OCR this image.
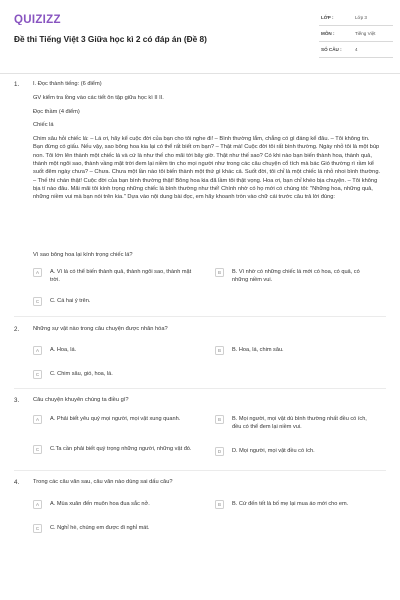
QUIZIZZ
Đề thi Tiếng Việt 3 Giữa học kì 2 có đáp án (Đề 8)
LỚP :	Lớp 3
MÔN :	Tiếng Việt
SỐ CÂU :	4
1. I. Đọc thành tiếng: (6 điểm)

GV kiểm tra lồng vào các tiết ôn tập giữa học kì II II.

Đọc thầm (4 điểm)

Chiếc lá

Chim sâu hỏi chiếc lá: – Lá ơi, hãy kể cuộc đời của bạn cho tôi nghe đi! – Bình thường lắm, chẳng có gì đáng kể đâu. – Tôi không tin. Bạn đừng có giấu. Nếu vậy, sao bông hoa kia lại có thể rất biết ơn bạn? – Thật mà! Cuộc đời tôi rất bình thường. Ngày nhỏ tôi là một búp non. Tôi lớn lên thành một chiếc lá và cứ là như thế cho mãi tới bây giờ. Thật như thế sao? Có khi nào bạn biến thành hoa, thành quả, thành một ngôi sao, thành vầng mặt trời đem lại niềm tin cho mọi người như trong các câu chuyện cổ tích mà bác Gió thường rì rầm kể suốt đêm ngày chưa? – Chưa. Chưa một lần nào tôi biến thành một thứ gì khác cả. Suốt đời, tôi chỉ là một chiếc lá nhỏ nhoi bình thường. – Thế thì chán thật! Cuộc đời của bạn bình thường thật! Bông hoa kia đã lầm tôi thật vọng. Hoa ơi, bạn chỉ khéo bịa chuyện. – Tôi không bịa tí nào đâu. Mãi mãi tôi kính trọng những chiếc lá bình thường như thế! Chính nhờ có họ mới có chúng tôi: "Những hoa, những quả, những niềm vui mà bạn nói trên kia." Dựa vào nội dung bài đọc, em hãy khoanh tròn vào chữ cái trước câu trả lời đúng:

Vì sao bông hoa lại kính trọng chiếc lá?
A	A. Vì lá có thể biến thành quả, thành ngôi sao, thành mặt trời.
B	B. Vì nhờ có những chiếc lá mới có hoa, có quả, có những niềm vui.
C	C. Cá hai ý trên.
2. Những sự vật nào trong câu chuyện được nhân hóa?
A	A. Hoa, lá.	B	B. Hoa, lá, chim sâu.
C	C. Chim sâu, gió, hoa, lá.
3. Câu chuyện khuyên chúng ta điều gì?
A	A. Phải biết yêu quý mọi người, mọi vật xung quanh.	B	B. Mọi người, mọi vật dù bình thường nhất đều có ích, đều có thể đem lại niềm vui.
C	C.Ta cần phải biết quý trọng những người, những vật đó.	D	D. Mọi người, mọi vật đều có ích.
4. Trong các câu văn sau, câu văn nào dùng sai dấu câu?
A	A. Mùa xuân đến muôn hoa đua sắc nở.	B	B. Cứ đến tết là bố mẹ lại mua áo mới cho em.
C	C. Nghỉ hè, chúng em được đi nghỉ mát.
